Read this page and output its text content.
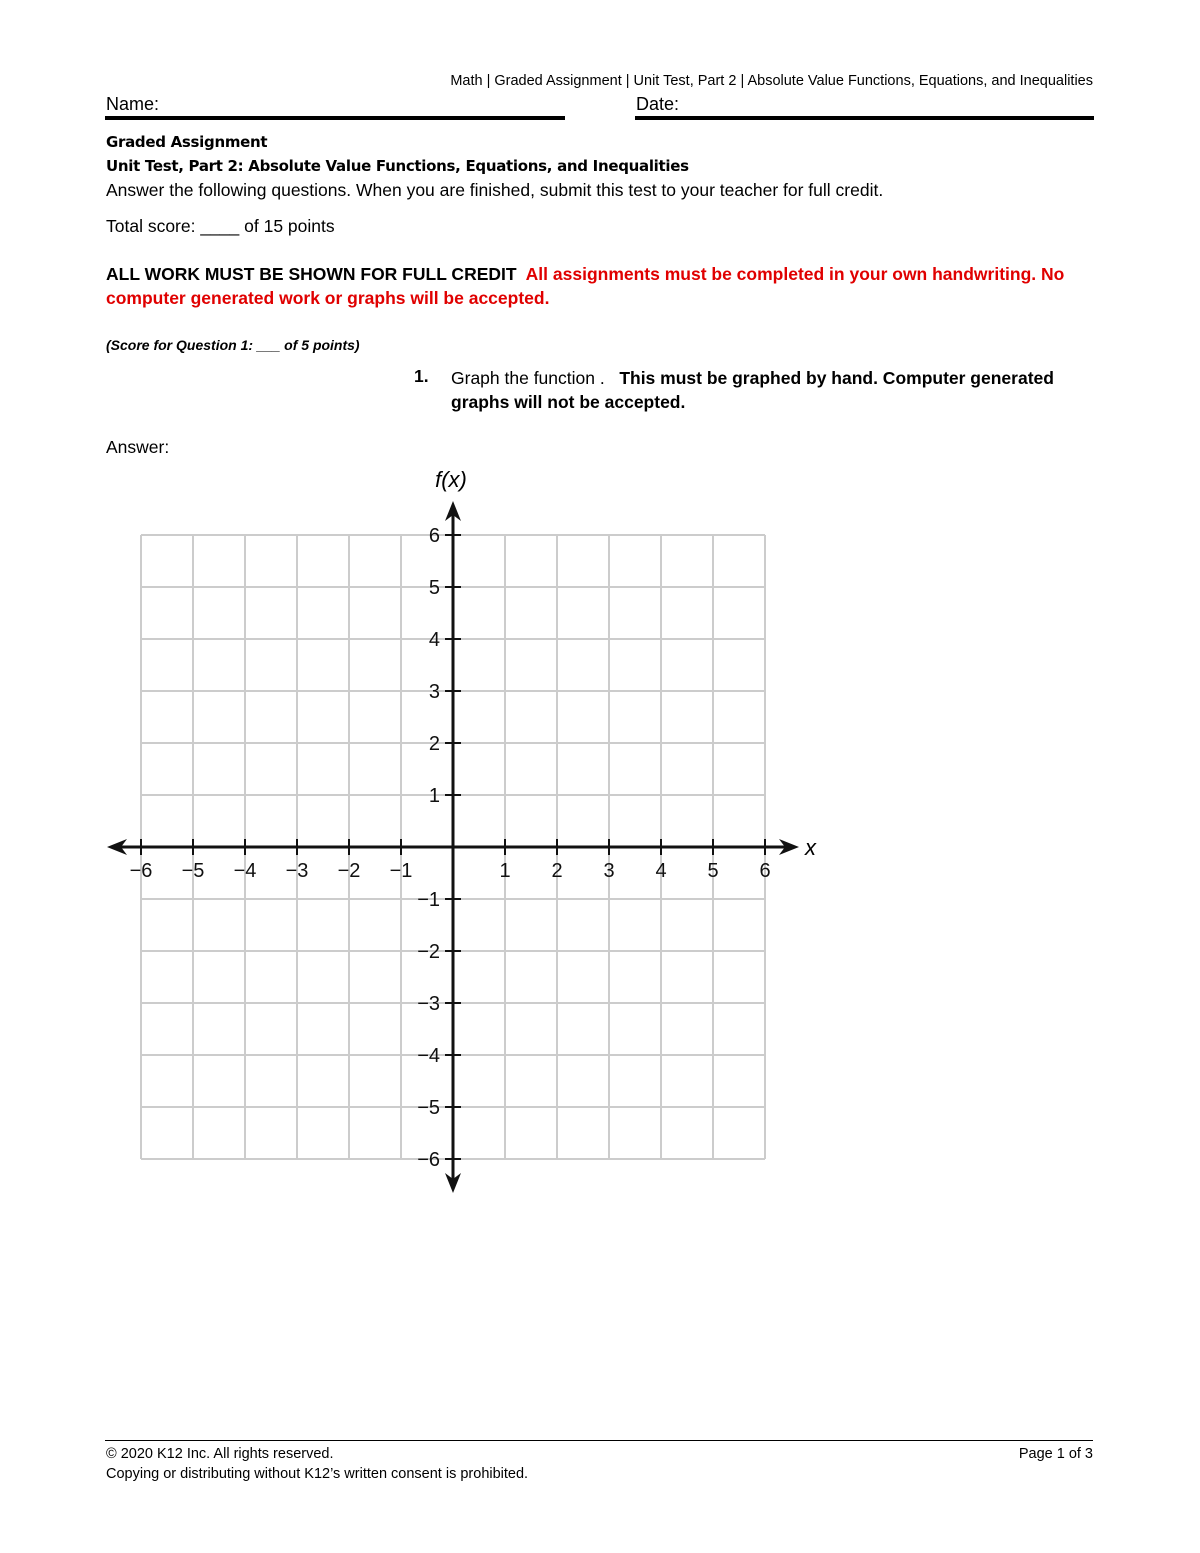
Math | Graded Assignment | Unit Test, Part 2 | Absolute Value Functions, Equations, and Inequalities
Name:	Date:
Graded Assignment
Unit Test, Part 2: Absolute Value Functions, Equations, and Inequalities
Answer the following questions. When you are finished, submit this test to your teacher for full credit.
Total score: ____ of 15 points
ALL WORK MUST BE SHOWN FOR FULL CREDIT All assignments must be completed in your own handwriting. No computer generated work or graphs will be accepted.
(Score for Question 1: ___ of 5 points)
1. Graph the function . This must be graphed by hand. Computer generated graphs will not be accepted.
Answer:
−6 −5 −4 −3 −2 −1	1 2 3 4 5 6
6
5
4
3
2
1
−1
−2
−3
−4
−5
−6
f(x)
x
© 2020 K12 Inc. All rights reserved.
Copying or distributing without K12’s written consent is prohibited.
Page 1 of 3
